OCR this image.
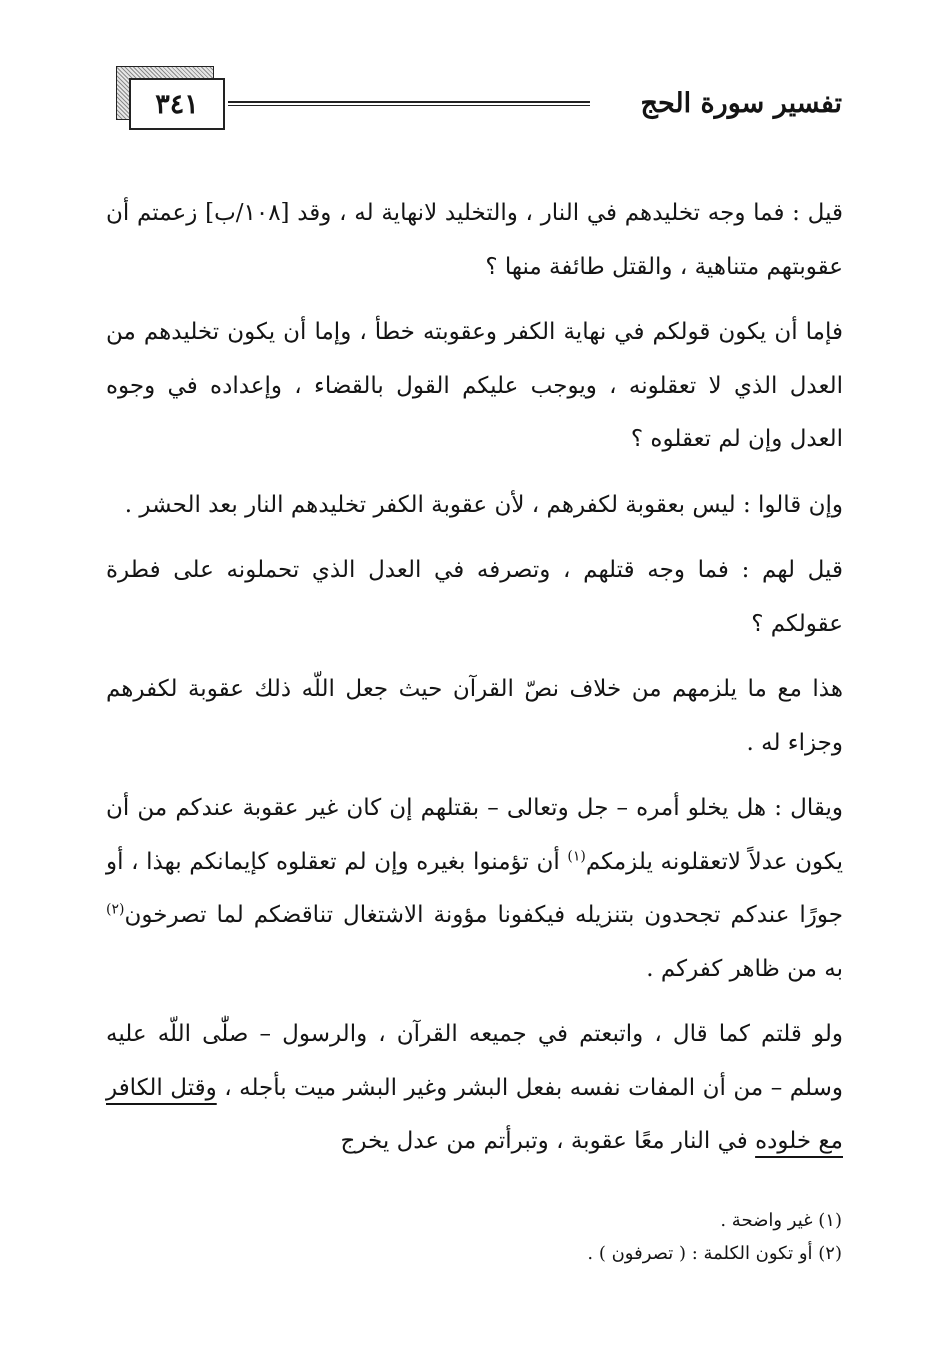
تفسير سورة الحج
٣٤١

قيل : فما وجه تخليدهم في النار ، والتخليد لانهاية له ، وقد [١٠٨/ب] زعمتم أن عقوبتهم متناهية ، والقتل طائفة منها ؟

فإما أن يكون قولكم في نهاية الكفر وعقوبته خطأ ، وإما أن يكون تخليدهم من العدل الذي لا تعقلونه ، ويوجب عليكم القول بالقضاء ، وإعداده في وجوه العدل وإن لم تعقلوه ؟

وإن قالوا : ليس بعقوبة لكفرهم ، لأن عقوبة الكفر تخليدهم النار بعد الحشر .

قيل لهم : فما وجه قتلهم ، وتصرفه في العدل الذي تحملونه على فطرة عقولكم ؟

هذا مع ما يلزمهم من خلاف نصّ القرآن حيث جعل اللّه ذلك عقوبة لكفرهم وجزاء له .

ويقال : هل يخلو أمره – جل وتعالى – بقتلهم إن كان غير عقوبة عندكم من أن يكون عدلاً لاتعقلونه يلزمكم$^{(١)}$ أن تؤمنوا بغيره وإن لم تعقلوه كإيمانكم بهذا ، أو جورًا عندكم تجحدون بتنزيله فيكفونا مؤونة الاشتغال تناقضكم لما تصرخون$^{(٢)}$ به من ظاهر كفركم .

ولو قلتم كما قال ، واتبعتم في جميعه القرآن ، والرسول – صلّٰى اللّه عليه وسلم – من أن المفات نفسه بفعل البشر وغير البشر ميت بأجله ، وقتل الكافر مع خلوده في النار معًا عقوبة ، وتبرأتم من عدل يخرج

(١) غير واضحة .

(٢) أو تكون الكلمة : ( تصرفون ) .
